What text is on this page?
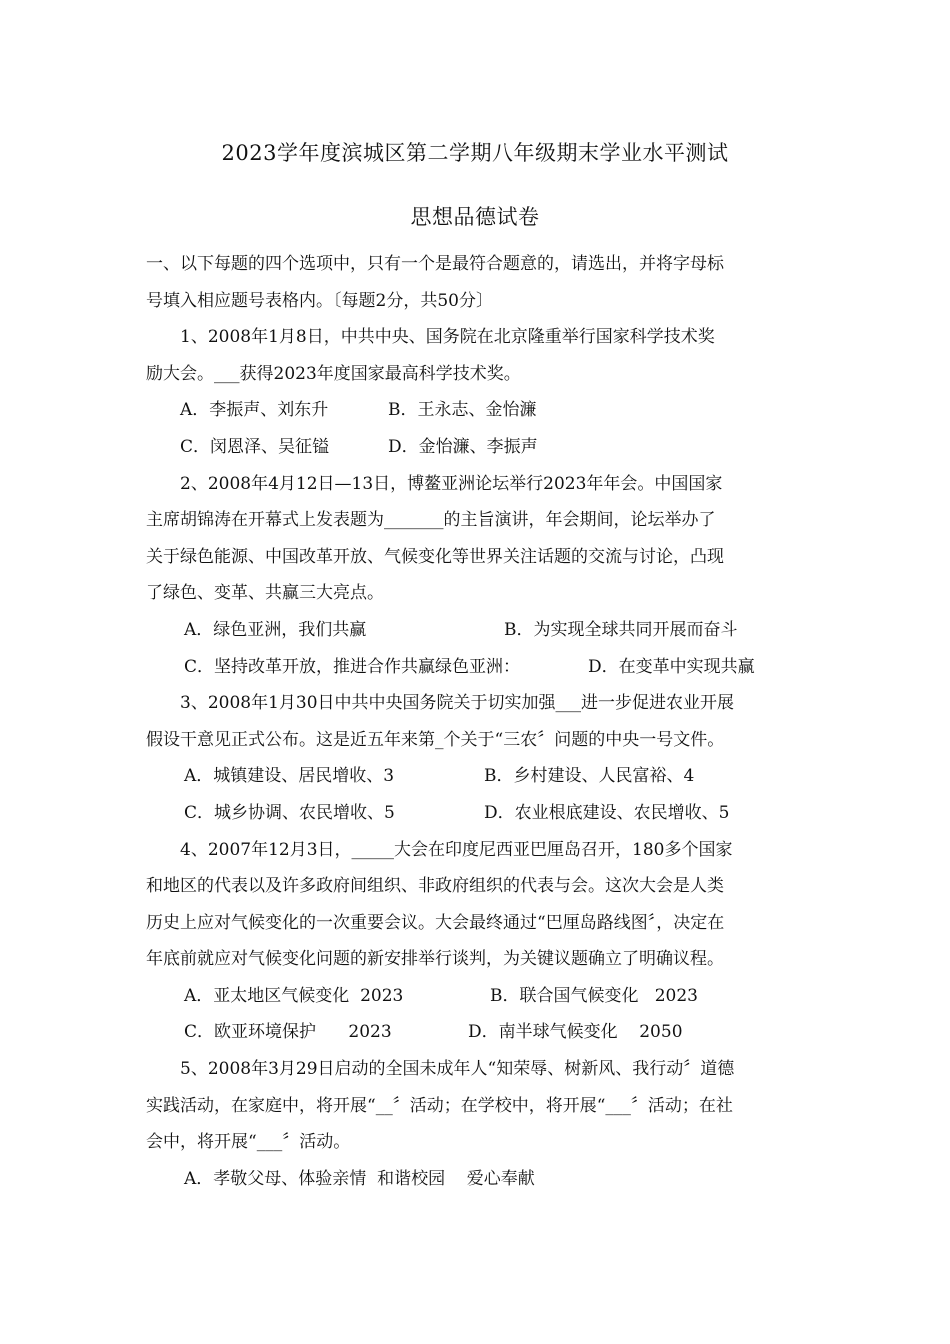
2023学年度滨城区第二学期八年级期末学业水平测试
思想品德试卷
一、以下每题的四个选项中，只有一个是最符合题意的，请选出，并将字母标
号填入相应题号表格内。〔每题2分，共50分〕
1、2008年1月8日，中共中央、国务院在北京隆重举行国家科学技术奖
励大会。___获得2023年度国家最高科学技术奖。
A．李振声、刘东升	B．王永志、金怡濂
C．闵恩泽、吴征镒	D．金怡濂、李振声
2、2008年4月12日—13日，博鳌亚洲论坛举行2023年年会。中国国家
主席胡锦涛在开幕式上发表题为_______的主旨演讲，年会期间，论坛举办了
关于绿色能源、中国改革开放、气候变化等世界关注话题的交流与讨论，凸现
了绿色、变革、共赢三大亮点。
A．绿色亚洲，我们共赢	B．为实现全球共同开展而奋斗
C．坚持改革开放，推进合作共赢绿色亚洲：	D．在变革中实现共赢
3、2008年1月30日中共中央国务院关于切实加强___进一步促进农业开展
假设干意见正式公布。这是近五年来第_个关于“三农〞问题的中央一号文件。
A．城镇建设、居民增收、3	B．乡村建设、人民富裕、4
C．城乡协调、农民增收、5	D．农业根底建设、农民增收、5
4、2007年12月3日，_____大会在印度尼西亚巴厘岛召开，180多个国家
和地区的代表以及许多政府间组织、非政府组织的代表与会。这次大会是人类
历史上应对气候变化的一次重要会议。大会最终通过“巴厘岛路线图〞，决定在
年底前就应对气候变化问题的新安排举行谈判，为关键议题确立了明确议程。
A．亚太地区气候变化  2023	B．联合国气候变化   2023
C．欧亚环境保护      2023	D．南半球气候变化    2050
5、2008年3月29日启动的全国未成年人“知荣辱、树新风、我行动〞道德
实践活动，在家庭中，将开展“__〞活动；在学校中，将开展“___〞活动；在社
会中，将开展“___〞活动。
A．孝敬父母、体验亲情  和谐校园    爱心奉献
